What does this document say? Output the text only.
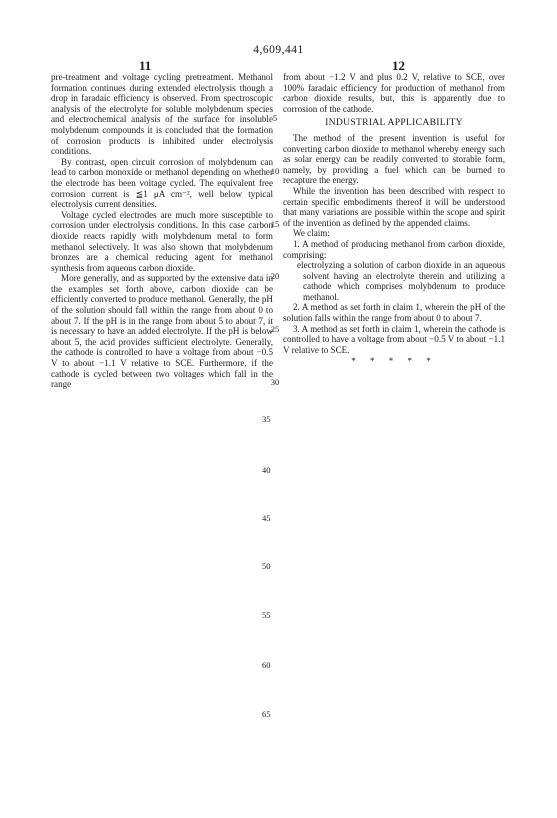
4,609,441
11	12

pre-treatment and voltage cycling pretreatment. Methanol formation continues during extended electrolysis though a drop in faradaic efficiency is observed. From spectroscopic analysis of the electrolyte for soluble molybdenum species and electrochemical analysis of the surface for insoluble molybdenum compounds it is concluded that the formation of corrosion products is inhibited under electrolysis conditions.

By contrast, open circuit corrosion of molybdenum can lead to carbon monoxide or methanol depending on whether the electrode has been voltage cycled. The equivalent free corrosion current is ≦1 μA cm⁻², well below typical electrolysis current densities.

Voltage cycled electrodes are much more susceptible to corrosion under electrolysis conditions. In this case carbon dioxide reacts rapidly with molybdenum metal to form methanol selectively. It was also shown that molybdenum bronzes are a chemical reducing agent for methanol synthesis from aqueous carbon dioxide.

More generally, and as supported by the extensive data in the examples set forth above, carbon dioxide can be efficiently converted to produce methanol. Generally, the pH of the solution should fall within the range from about 0 to about 7. If the pH is in the range from about 5 to about 7, it is necessary to have an added electrolyte. If the pH is below about 5, the acid provides sufficient electrolyte. Generally, the cathode is controlled to have a voltage from about −0.5 V to about −1.1 V relative to SCE. Furthermore, if the cathode is cycled between two voltages which fall in the range

5
10
15
20
25
30

from about −1.2 V and plus 0.2 V, relative to SCE, over 100% faradaic efficiency for production of methanol from carbon dioxide results, but, this is apparently due to corrosion of the cathode.

INDUSTRIAL APPLICABILITY

The method of the present invention is useful for converting carbon dioxide to methanol whereby energy such as solar energy can be readily converted to storable form, namely, by providing a fuel which can be burned to recapture the energy.

While the invention has been described with respect to certain specific embodiments thereof it will be understood that many variations are possible within the scope and spirit of the invention as defined by the appended claims.

We claim:

1. A method of producing methanol from carbon dioxide, comprising:

electrolyzing a solution of carbon dioxide in an aqueous solvent having an electrolyte therein and utilizing a cathode which comprises molybdenum to produce methanol.

2. A method as set forth in claim 1, wherein the pH of the solution falls within the range from about 0 to about 7.

3. A method as set forth in claim 1, wherein the cathode is controlled to have a voltage from about −0.5 V to about −1.1 V relative to SCE.

* * * * *
35
40
45
50
55
60
65
